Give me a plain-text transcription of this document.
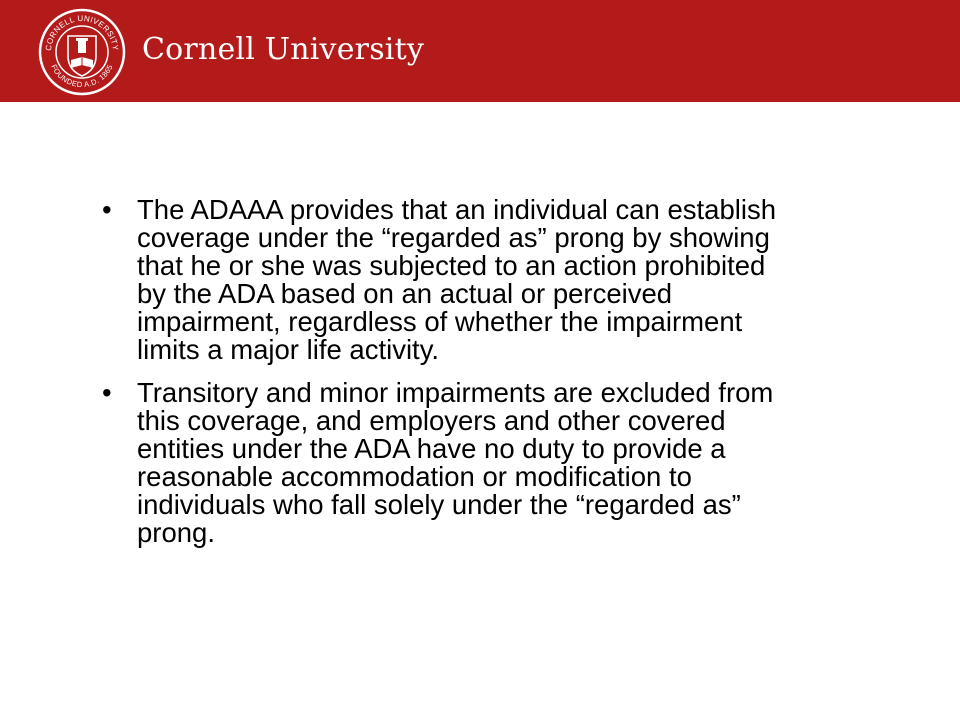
CORNELL UNIVERSITY
FOUNDED A.D. 1865
Cornell University
• The ADAAA provides that an individual can establish
coverage under the “regarded as” prong by showing
that he or she was subjected to an action prohibited
by the ADA based on an actual or perceived
impairment, regardless of whether the impairment
limits a major life activity.
• Transitory and minor impairments are excluded from
this coverage, and employers and other covered
entities under the ADA have no duty to provide a
reasonable accommodation or modification to
individuals who fall solely under the “regarded as”
prong.
